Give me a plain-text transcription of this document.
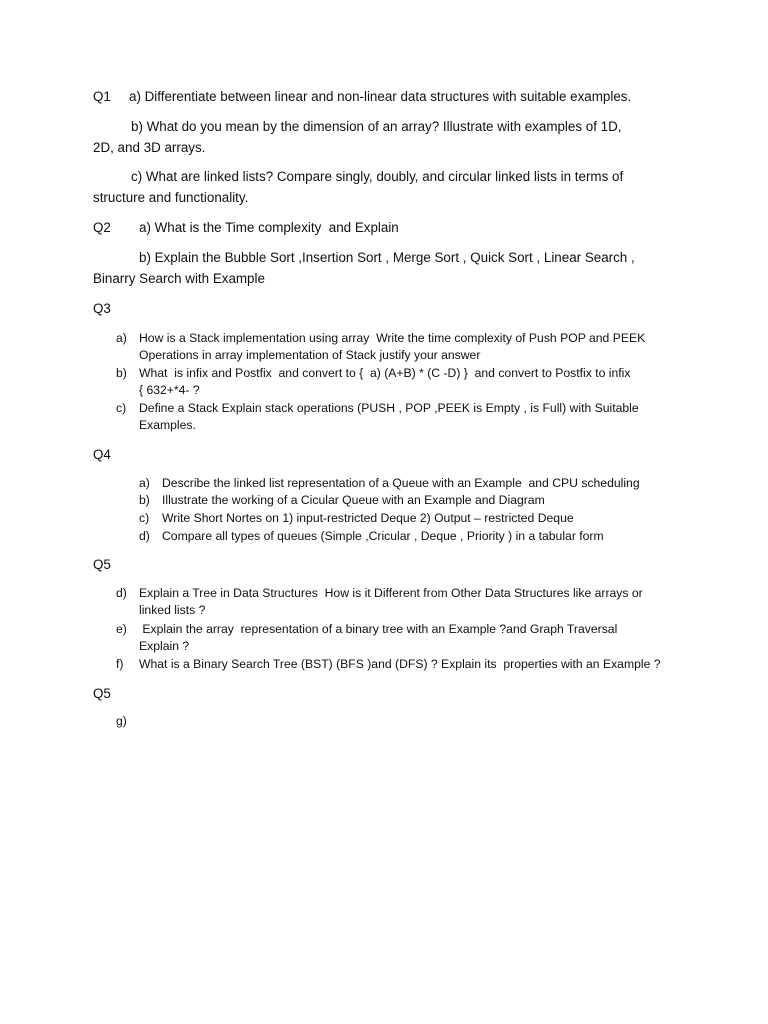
Q1 a) Differentiate between linear and non-linear data structures with suitable examples.
b) What do you mean by the dimension of an array? Illustrate with examples of 1D,
2D, and 3D arrays.
c) What are linked lists? Compare singly, doubly, and circular linked lists in terms of
structure and functionality.
Q2 a) What is the Time complexity  and Explain
b) Explain the Bubble Sort ,Insertion Sort , Merge Sort , Quick Sort , Linear Search ,
Binarry Search with Example
Q3
a) How is a Stack implementation using array  Write the time complexity of Push POP and PEEK
Operations in array implementation of Stack justify your answer
b) What  is infix and Postfix  and convert to {  a) (A+B) * (C -D) }  and convert to Postfix to infix
{ 632+*4- ?
c) Define a Stack Explain stack operations (PUSH , POP ,PEEK is Empty , is Full) with Suitable
Examples.
Q4
a) Describe the linked list representation of a Queue with an Example  and CPU scheduling
b) Illustrate the working of a Cicular Queue with an Example and Diagram
c) Write Short Nortes on 1) input-restricted Deque 2) Output – restricted Deque
d) Compare all types of queues (Simple ,Cricular , Deque , Priority ) in a tabular form
Q5
d) Explain a Tree in Data Structures  How is it Different from Other Data Structures like arrays or
linked lists ?
e) Explain the array  representation of a binary tree with an Example ?and Graph Traversal
Explain ?
f) What is a Binary Search Tree (BST) (BFS )and (DFS) ? Explain its  properties with an Example ?
Q5
g)
